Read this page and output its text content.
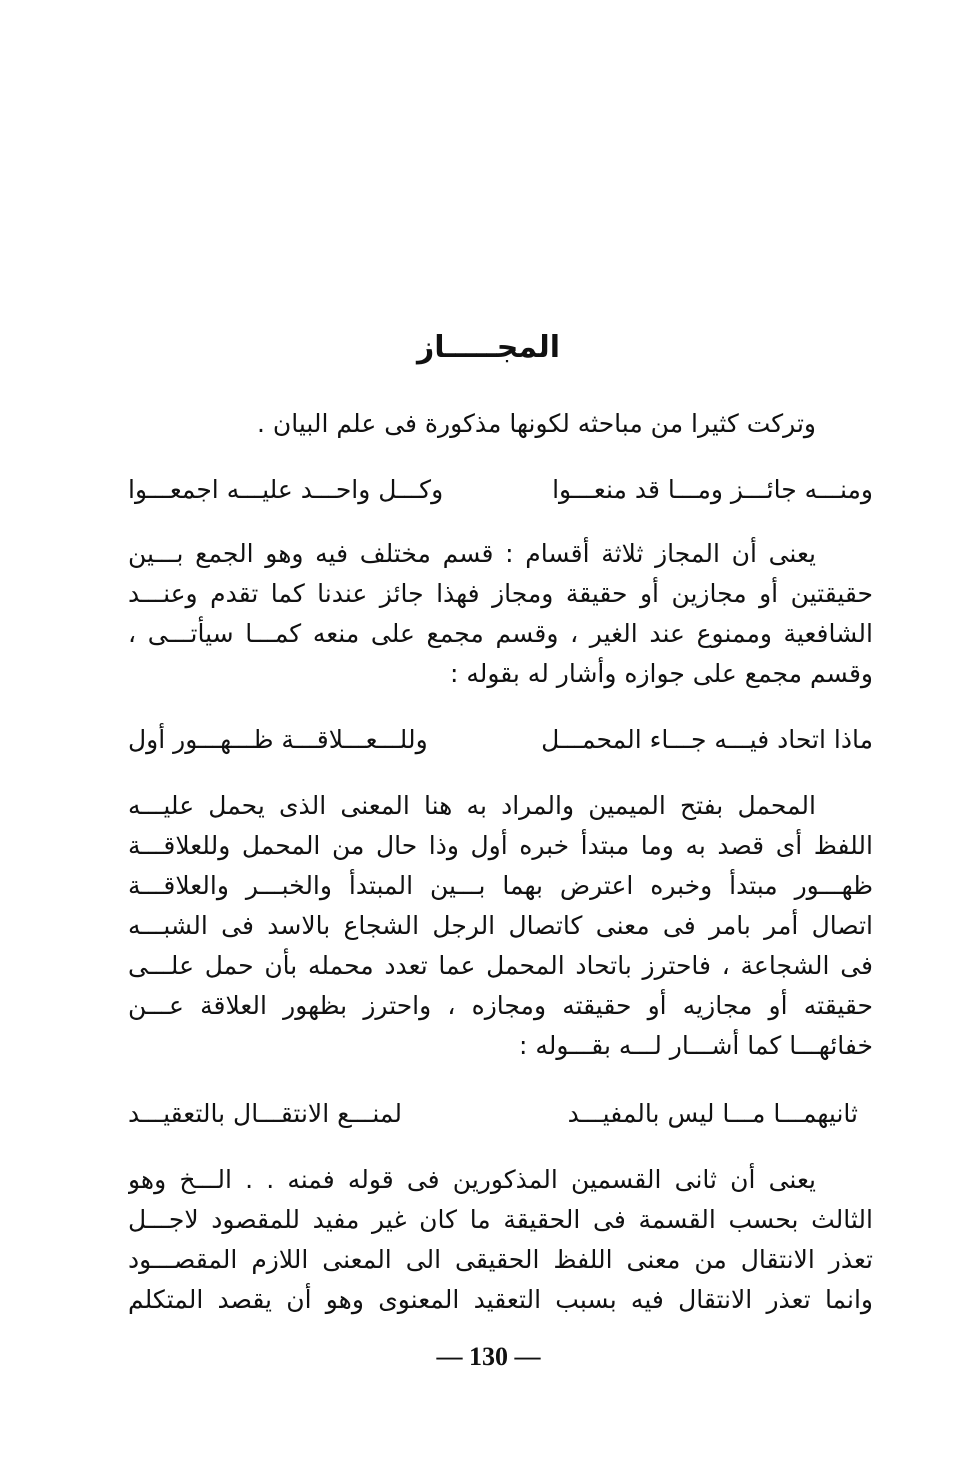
المجـــــاز
وتركت كثيرا من مباحثه لكونها مذكورة فى علم البيان .
ومنـــه جائـــز ومـــا قد منعـــوا
وكـــل واحـــد عليـــه اجمعـــوا
يعنى أن المجاز ثلاثة أقسام : قسم مختلف فيه وهو الجمع بـــين
حقيقتين أو مجازين أو حقيقة ومجاز فهذا جائز عندنا كما تقدم وعنـــد
الشافعية وممنوع عند الغير ، وقسم مجمع على منعه كمـــا سيأتـــى ،
وقسم مجمع على جوازه وأشار له بقوله :
ماذا اتحاد فيـــه جـــاء المحمـــل
وللـــعـــلاقـــة ظـــهـــور أول
المحمل بفتح الميمين والمراد به هنا المعنى الذى يحمل عليـــه
اللفظ أى قصد به وما مبتدأ خبره أول وذا حال من المحمل وللعلاقـــة
ظهـــور مبتدأ وخبره اعترض بهما بـــين المبتدأ والخبـــر والعلاقـــة
اتصال أمر بامر فى معنى كاتصال الرجل الشجاع بالاسد فى الشبـــه
فى الشجاعة ، فاحترز باتحاد المحمل عما تعدد محمله بأن حمل علـــى
حقيقته أو مجازيه أو حقيقته ومجازه ، واحترز بظهور العلاقة عـــن
خفائهـــا كما أشـــار لـــه بقـــوله :
ثانيهمـــا مـــا ليس بالمفيـــد
لمنـــع الانتقـــال بالتعقيـــد
يعنى أن ثانى القسمين المذكورين فى قوله فمنه . . الـــخ وهو
الثالث بحسب القسمة فى الحقيقة ما كان غير مفيد للمقصود لاجـــل
تعذر الانتقال من معنى اللفظ الحقيقى الى المعنى اللازم المقصـــود
وانما تعذر الانتقال فيه بسبب التعقيد المعنوى وهو أن يقصد المتكلم
— 130 —
